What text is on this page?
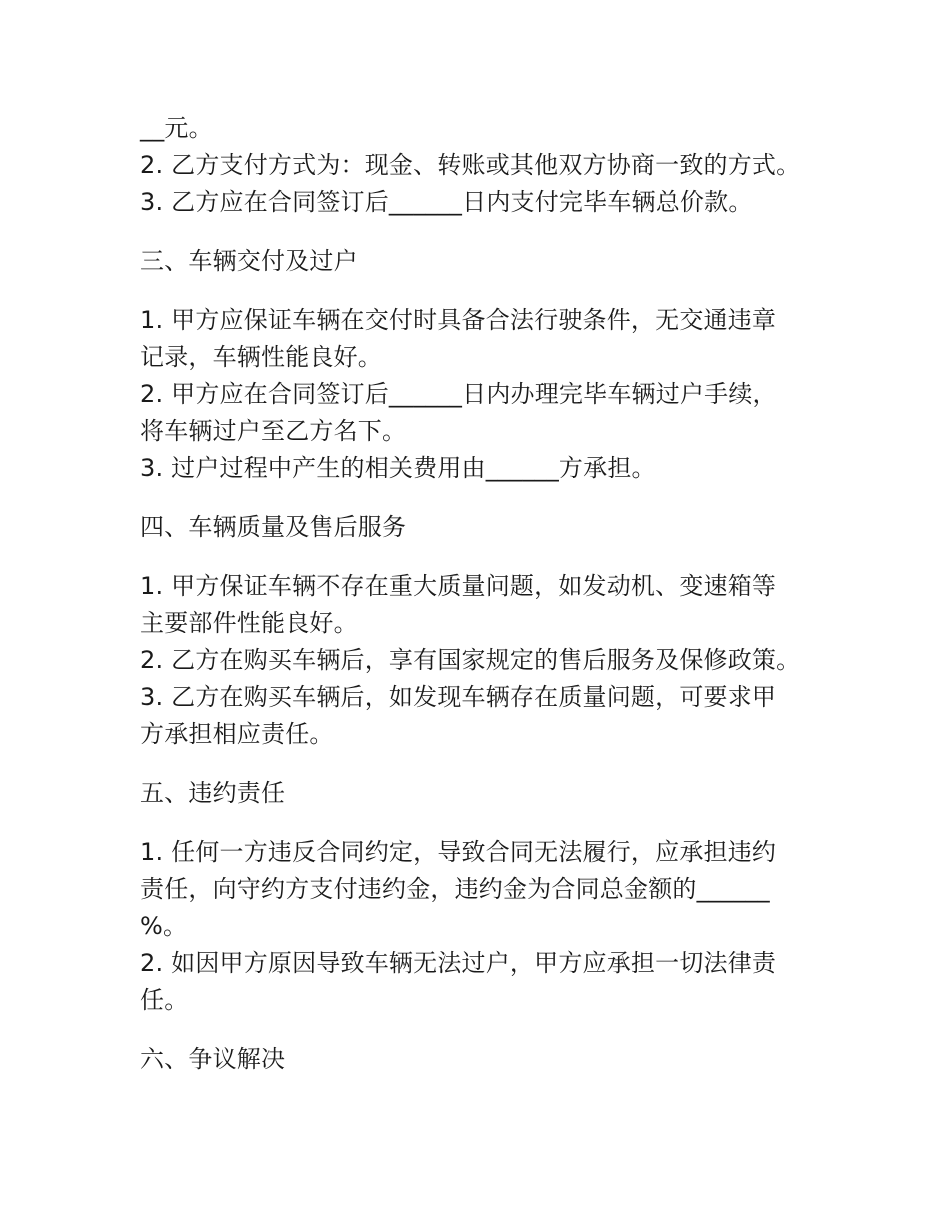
__元。

2. 乙方支付方式为：现金、转账或其他双方协商一致的方式。

3. 乙方应在合同签订后______日内支付完毕车辆总价款。

三、车辆交付及过户

1. 甲方应保证车辆在交付时具备合法行驶条件，无交通违章

记录，车辆性能良好。

2. 甲方应在合同签订后______日内办理完毕车辆过户手续，

将车辆过户至乙方名下。

3. 过户过程中产生的相关费用由______方承担。

四、车辆质量及售后服务

1. 甲方保证车辆不存在重大质量问题，如发动机、变速箱等

主要部件性能良好。

2. 乙方在购买车辆后，享有国家规定的售后服务及保修政策。

3. 乙方在购买车辆后，如发现车辆存在质量问题，可要求甲

方承担相应责任。

五、违约责任

1. 任何一方违反合同约定，导致合同无法履行，应承担违约

责任，向守约方支付违约金，违约金为合同总金额的______

%。

2. 如因甲方原因导致车辆无法过户，甲方应承担一切法律责

任。

六、争议解决
